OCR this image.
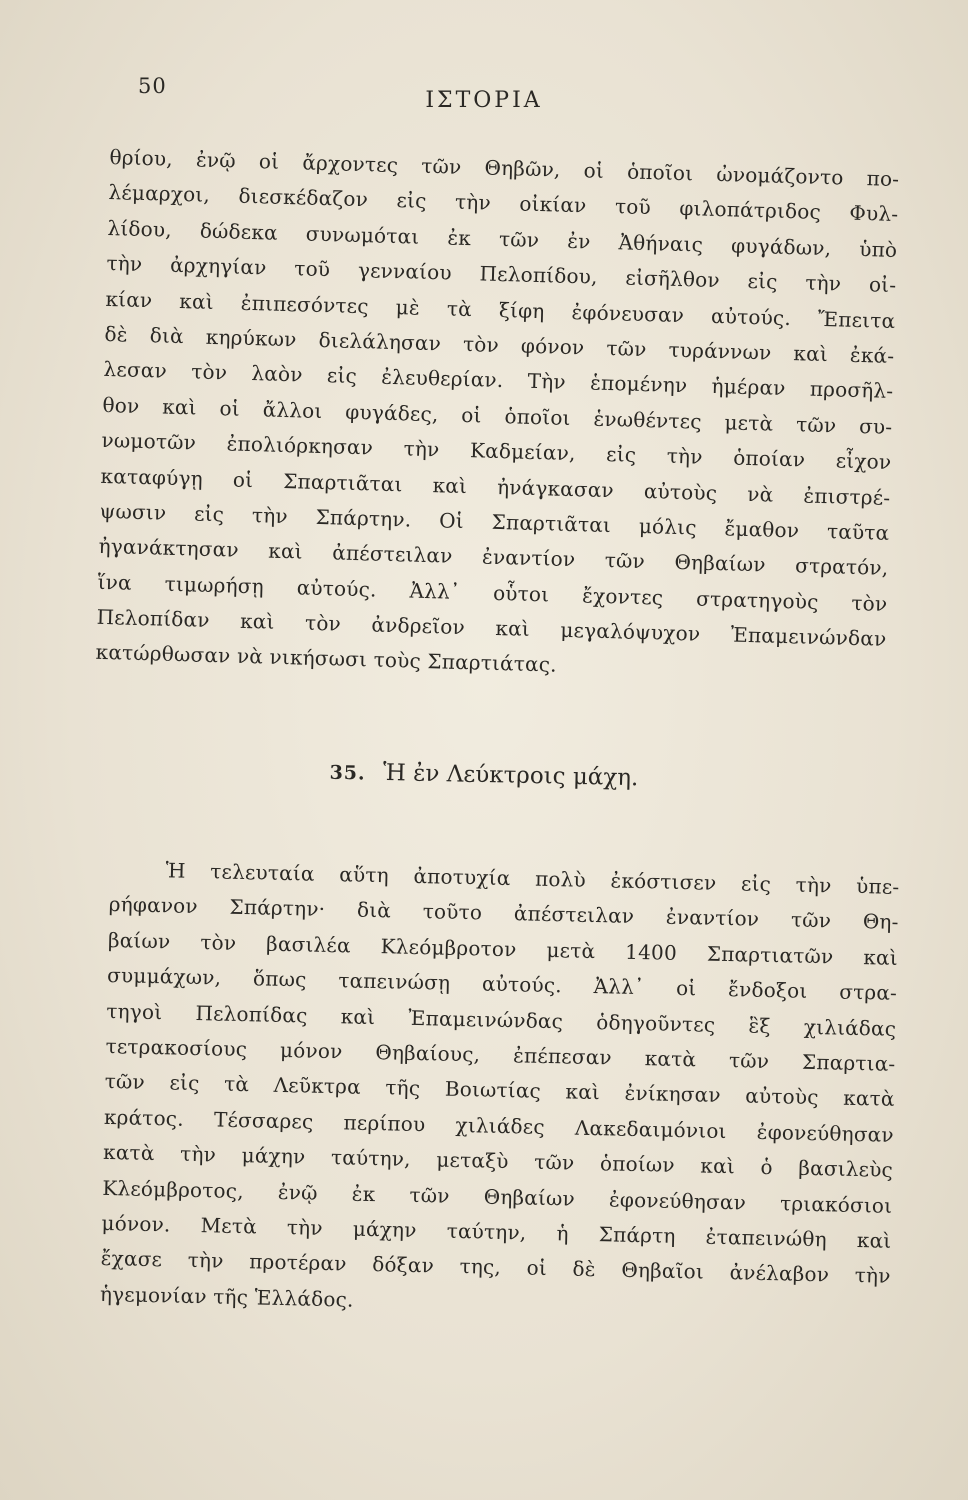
50
ΙΣΤΟΡΙΑ
θρίου, ἐνῷ οἱ ἄρχοντες τῶν Θηβῶν, οἱ ὁποῖοι ὠνομάζοντο πο-
λέμαρχοι, διεσκέδαζον εἰς τὴν οἰκίαν τοῦ φιλοπάτριδος Φυλ-
λίδου, δώδεκα συνωμόται ἐκ τῶν ἐν Ἀθήναις φυγάδων, ὑπὸ
τὴν ἀρχηγίαν τοῦ γενναίου Πελοπίδου, εἰσῆλθον εἰς τὴν οἰ-
κίαν καὶ ἐπιπεσόντες μὲ τὰ ξίφη ἐφόνευσαν αὐτούς. Ἔπειτα
δὲ διὰ κηρύκων διελάλησαν τὸν φόνον τῶν τυράννων καὶ ἐκά-
λεσαν τὸν λαὸν εἰς ἐλευθερίαν. Τὴν ἑπομένην ἡμέραν προσῆλ-
θον καὶ οἱ ἄλλοι φυγάδες, οἱ ὁποῖοι ἑνωθέντες μετὰ τῶν συ-
νωμοτῶν ἐπολιόρκησαν τὴν Καδμείαν, εἰς τὴν ὁποίαν εἶχον
καταφύγῃ οἱ Σπαρτιᾶται καὶ ἠνάγκασαν αὐτοὺς νὰ ἐπιστρέ-
ψωσιν εἰς τὴν Σπάρτην. Οἱ Σπαρτιᾶται μόλις ἔμαθον ταῦτα
ἠγανάκτησαν καὶ ἀπέστειλαν ἐναντίον τῶν Θηβαίων στρατόν,
ἵνα τιμωρήσῃ αὐτούς. Ἀλλ᾽ οὗτοι ἔχοντες στρατηγοὺς τὸν
Πελοπίδαν καὶ τὸν ἀνδρεῖον καὶ μεγαλόψυχον Ἐπαμεινώνδαν
κατώρθωσαν νὰ νικήσωσι τοὺς Σπαρτιάτας.
35. Ἡ ἐν Λεύκτροις μάχη.
Ἡ τελευταία αὕτη ἀποτυχία πολὺ ἐκόστισεν εἰς τὴν ὑπε-
ρήφανον Σπάρτην· διὰ τοῦτο ἀπέστειλαν ἐναντίον τῶν Θη-
βαίων τὸν βασιλέα Κλεόμβροτον μετὰ 1400 Σπαρτιατῶν καὶ
συμμάχων, ὅπως ταπεινώσῃ αὐτούς. Ἀλλ᾽ οἱ ἔνδοξοι στρα-
τηγοὶ Πελοπίδας καὶ Ἐπαμεινώνδας ὁδηγοῦντες ἓξ χιλιάδας
τετρακοσίους μόνον Θηβαίους, ἐπέπεσαν κατὰ τῶν Σπαρτια-
τῶν εἰς τὰ Λεῦκτρα τῆς Βοιωτίας καὶ ἐνίκησαν αὐτοὺς κατὰ
κράτος. Τέσσαρες περίπου χιλιάδες Λακεδαιμόνιοι ἐφονεύθησαν
κατὰ τὴν μάχην ταύτην, μεταξὺ τῶν ὁποίων καὶ ὁ βασιλεὺς
Κλεόμβροτος, ἐνῷ ἐκ τῶν Θηβαίων ἐφονεύθησαν τριακόσιοι
μόνον. Μετὰ τὴν μάχην ταύτην, ἡ Σπάρτη ἐταπεινώθη καὶ
ἔχασε τὴν προτέραν δόξαν της, οἱ δὲ Θηβαῖοι ἀνέλαβον τὴν
ἡγεμονίαν τῆς Ἑλλάδος.
